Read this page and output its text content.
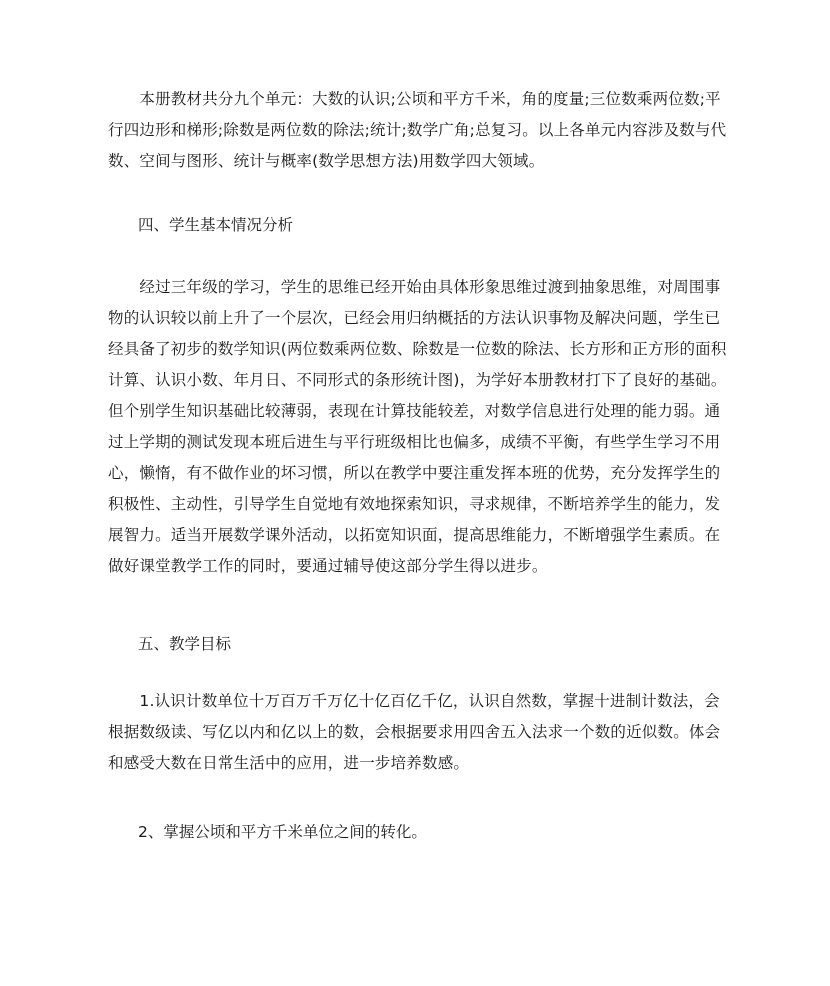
　　本册教材共分九个单元：大数的认识;公顷和平方千米，角的度量;三位数乘两位数;平
行四边形和梯形;除数是两位数的除法;统计;数学广角;总复习。以上各单元内容涉及数与代
数、空间与图形、统计与概率(数学思想方法)用数学四大领域。
四、学生基本情况分析
　　经过三年级的学习，学生的思维已经开始由具体形象思维过渡到抽象思维，对周围事
物的认识较以前上升了一个层次，已经会用归纳概括的方法认识事物及解决问题，学生已
经具备了初步的数学知识(两位数乘两位数、除数是一位数的除法、长方形和正方形的面积
计算、认识小数、年月日、不同形式的条形统计图)，为学好本册教材打下了良好的基础。
但个别学生知识基础比较薄弱，表现在计算技能较差，对数学信息进行处理的能力弱。通
过上学期的测试发现本班后进生与平行班级相比也偏多，成绩不平衡，有些学生学习不用
心，懒惰，有不做作业的坏习惯，所以在教学中要注重发挥本班的优势，充分发挥学生的
积极性、主动性，引导学生自觉地有效地探索知识，寻求规律，不断培养学生的能力，发
展智力。适当开展数学课外活动，以拓宽知识面，提高思维能力，不断增强学生素质。在
做好课堂教学工作的同时，要通过辅导使这部分学生得以进步。
五、教学目标
　　1.认识计数单位十万百万千万亿十亿百亿千亿，认识自然数，掌握十进制计数法，会
根据数级读、写亿以内和亿以上的数，会根据要求用四舍五入法求一个数的近似数。体会
和感受大数在日常生活中的应用，进一步培养数感。
2、掌握公顷和平方千米单位之间的转化。
